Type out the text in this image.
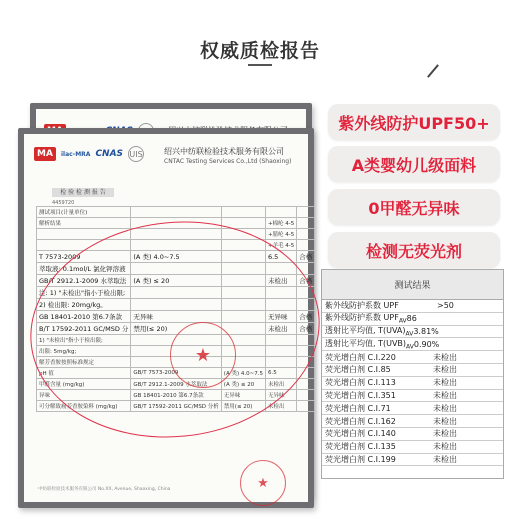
权威质检报告
MA	ilac-MRA CNAS UIS	绍兴中纺联检验技术服务有限公司
CNTAC Testing Services Co.,Ltd (Shaoxing)
检 验 检 测 报 告
4459720
测试项目(计量单位)				
解析结果			+棉纶 4-5	
			+腈纶 4-5	
			+羊毛 4-5	
T 7573-2009	(A 类) 4.0~7.5		6.5	合格
萃取液: 0.1mol/L 氯化钾溶液				
GB/T 2912.1-2009 水萃取法	(A 类) ≤ 20		未检出	合格
注: 1) "未检出"指小于检出限;				
2) 检出限: 20mg/kg。				
GB 18401-2010 第6.7条款	无异味		无异味	合格
B/T 17592-2011 GC/MSD 分	禁用(≤ 20)		未检出	合格
1) "未检出"指小于检出限;				
出限: 5mg/kg;				
解芳香胺按照标准规定				
pH 值	GB/T 7573-2009	(A 类) 4.0~7.5	6.5	
甲醛含量 (mg/kg)	GB/T 2912.1-2009 水萃取法	(A 类) ≤ 20	未检出	
异味	GB 18401-2010 第6.7条款	无异味	无异味	
可分解致癌芳香胺染料 (mg/kg)	GB/T 17592-2011 GC/MSD 分析	禁用(≤ 20)	未检出	
★
★
中纺联检验技术服务有限公司 No.XX, Avenue, Shaoxing, China
紫外线防护UPF50+
A类婴幼儿级面料
0甲醛无异味
检测无荧光剂
测试结果
紫外线防护系数 UPF	>50
紫外线防护系数 $UPF_{AV}$ 86
透射比平均值, $T(UVA)_{AV}$ 3.81%
透射比平均值, $T(UVB)_{AV}$ 0.90%
荧光增白剂 C.I.220	未检出
荧光增白剂 C.I.85	未检出
荧光增白剂 C.I.113	未检出
荧光增白剂 C.I.351	未检出
荧光增白剂 C.I.71	未检出
荧光增白剂 C.I.162	未检出
荧光增白剂 C.I.140	未检出
荧光增白剂 C.I.135	未检出
荧光增白剂 C.I.199	未检出
